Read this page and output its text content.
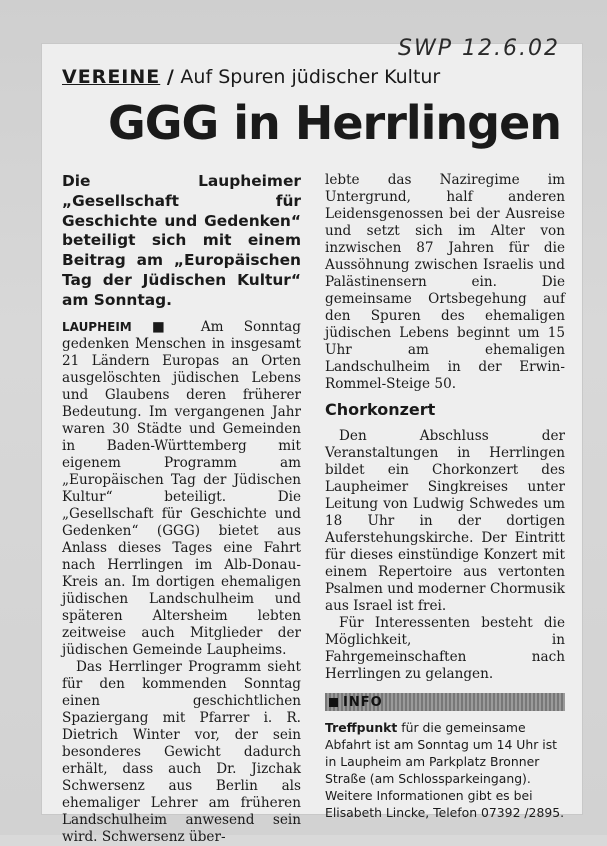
SWP 12.6.02
VEREINE / Auf Spuren jüdischer Kultur
GGG in Herrlingen

Die Laupheimer „Gesellschaft für Geschichte und Gedenken“ beteiligt sich mit einem Beitrag am „Europäischen Tag der Jüdischen Kultur“ am Sonntag.

LAUPHEIM ■ Am Sonntag gedenken Menschen in insgesamt 21 Ländern Europas an Orten ausgelöschten jüdischen Lebens und Glaubens deren früherer Bedeutung. Im vergangenen Jahr waren 30 Städte und Gemeinden in Baden-Württemberg mit eigenem Programm am „Europäischen Tag der Jüdischen Kultur“ beteiligt. Die „Gesellschaft für Geschichte und Gedenken“ (GGG) bietet aus Anlass dieses Tages eine Fahrt nach Herrlingen im Alb-Donau-Kreis an. Im dortigen ehemaligen jüdischen Landschulheim und späteren Altersheim lebten zeitweise auch Mitglieder der jüdischen Gemeinde Laupheims.

Das Herrlinger Programm sieht für den kommenden Sonntag einen geschichtlichen Spaziergang mit Pfarrer i. R. Dietrich Winter vor, der sein besonderes Gewicht dadurch erhält, dass auch Dr. Jizchak Schwersenz aus Berlin als ehemaliger Lehrer am früheren Landschulheim anwesend sein wird. Schwersenz über-

lebte das Naziregime im Untergrund, half anderen Leidensgenossen bei der Ausreise und setzt sich im Alter von inzwischen 87 Jahren für die Aussöhnung zwischen Israelis und Palästinensern ein. Die gemeinsame Ortsbegehung auf den Spuren des ehemaligen jüdischen Lebens beginnt um 15 Uhr am ehemaligen Landschulheim in der Erwin-Rommel-Steige 50.

Chorkonzert

Den Abschluss der Veranstaltungen in Herrlingen bildet ein Chorkonzert des Laupheimer Singkreises unter Leitung von Ludwig Schwedes um 18 Uhr in der dortigen Auferstehungskirche. Der Eintritt für dieses einstündige Konzert mit einem Repertoire aus vertonten Psalmen und moderner Chormusik aus Israel ist frei.

Für Interessenten besteht die Möglichkeit, in Fahrgemeinschaften nach Herrlingen zu gelangen.

INFO

Treffpunkt für die gemeinsame Abfahrt ist am Sonntag um 14 Uhr ist in Laupheim am Parkplatz Bronner Straße (am Schlossparkeingang). Weitere Informationen gibt es bei Elisabeth Lincke, Telefon 07392 /2895.
